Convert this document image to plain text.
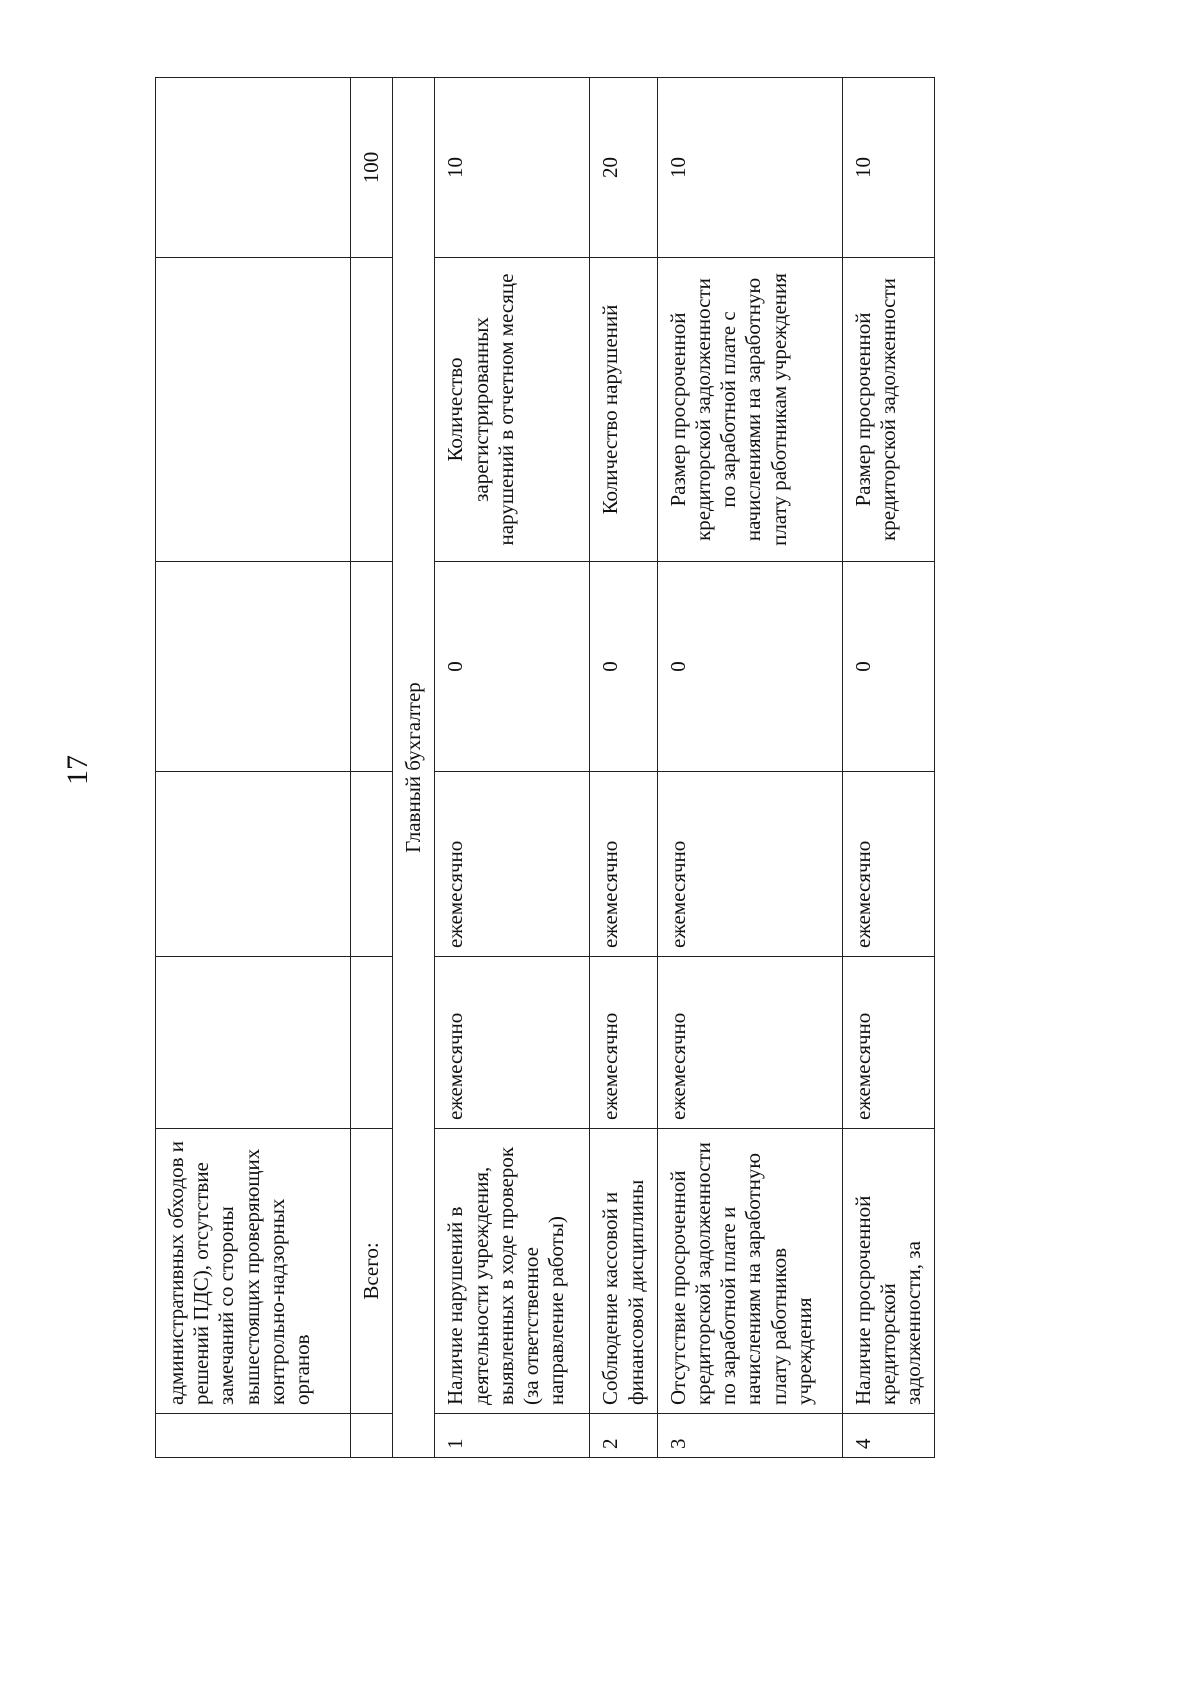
17
	административных обходов и решений ПДС), отсутствие замечаний со стороны вышестоящих проверяющих контрольно-надзорных органов					
	Всего:					100
Главный бухгалтер						
1	Наличие нарушений в деятельности учреждения, выявленных в ходе проверок (за ответственное направление работы)	ежемесячно	ежемесячно	0	Количество зарегистрированных нарушений в отчетном месяце	10
2	Соблюдение кассовой и финансовой дисциплины	ежемесячно	ежемесячно	0	Количество нарушений	20
3	Отсутствие просроченной кредиторской задолженности по заработной плате и начислениям на заработную плату работников учреждения	ежемесячно	ежемесячно	0	Размер просроченной кредиторской задолженности по заработной плате с начислениями на заработную плату работникам учреждения	10
4	Наличие просроченной кредиторской задолженности, за	ежемесячно	ежемесячно	0	Размер просроченной кредиторской задолженности	10
